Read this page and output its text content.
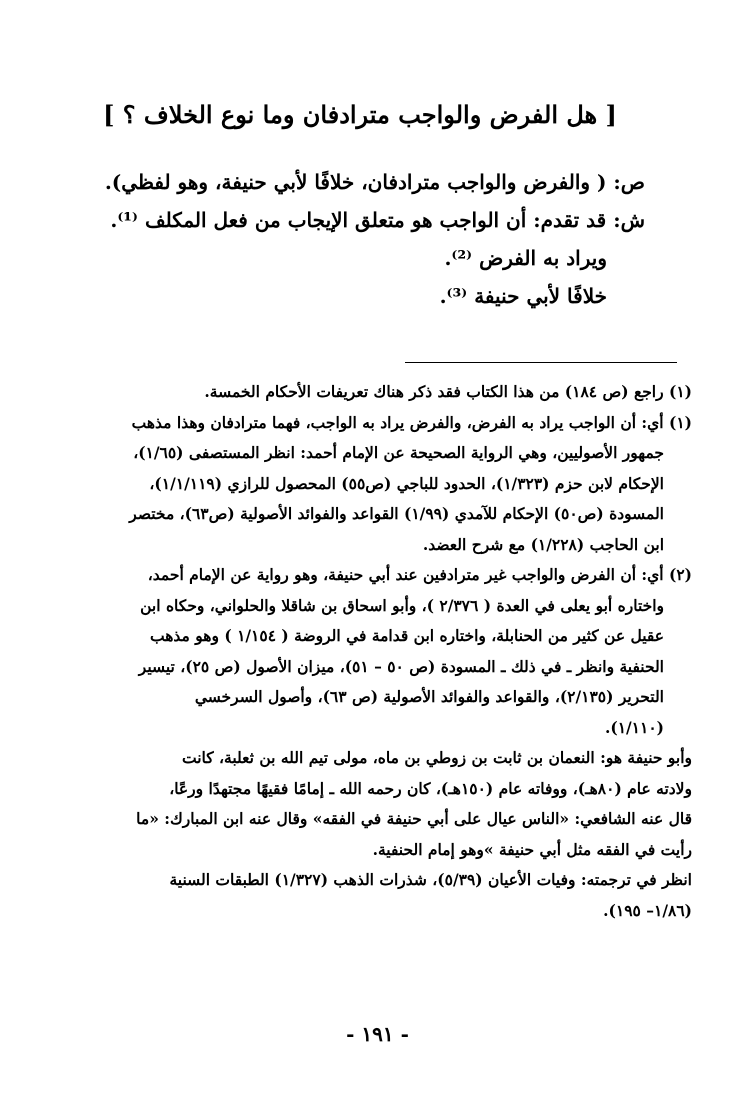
[ هل الفرض والواجب مترادفان وما نوع الخلاف ؟ ]
ص: ( والفرض والواجب مترادفان، خلافًا لأبي حنيفة، وهو لفظي).
ش: قد تقدم: أن الواجب هو متعلق الإيجاب من فعل المكلف ⁽¹⁾.
ويراد به الفرض ⁽²⁾.
خلافًا لأبي حنيفة ⁽³⁾.
(١) راجع (ص ١٨٤) من هذا الكتاب فقد ذكر هناك تعريفات الأحكام الخمسة.
(١) أي: أن الواجب يراد به الفرض، والفرض يراد به الواجب، فهما مترادفان وهذا مذهب
جمهور الأصوليين، وهي الرواية الصحيحة عن الإمام أحمد: انظر المستصفى (١/٦٥)،
الإحكام لابن حزم (١/٣٢٣)، الحدود للباجي (ص٥٥) المحصول للرازي (١/١/١١٩)،
المسودة (ص٥٠) الإحكام للآمدي (١/٩٩) القواعد والفوائد الأصولية (ص٦٣)، مختصر
ابن الحاجب (١/٢٢٨) مع شرح العضد.
(٢) أي: أن الفرض والواجب غير مترادفين عند أبي حنيفة، وهو رواية عن الإمام أحمد،
واختاره أبو يعلى في العدة ( ٢/٣٧٦ )، وأبو اسحاق بن شاقلا والحلواني، وحكاه ابن
عقيل عن كثير من الحنابلة، واختاره ابن قدامة في الروضة ( ١/١٥٤ ) وهو مذهب
الحنفية وانظر ـ في ذلك ـ المسودة (ص ٥٠ – ٥١)، ميزان الأصول (ص ٢٥)، تيسير
التحرير (٢/١٣٥)، والقواعد والفوائد الأصولية (ص ٦٣)، وأصول السرخسي
(١/١١٠).
وأبو حنيفة هو: النعمان بن ثابت بن زوطي بن ماه، مولى تيم الله بن ثعلبة، كانت
ولادته عام (٨٠هـ)، ووفاته عام (١٥٠هـ)، كان رحمه الله ـ إمامًا فقيهًا مجتهدًا ورعًا،
قال عنه الشافعي: «الناس عيال على أبي حنيفة في الفقه» وقال عنه ابن المبارك: «ما
رأيت في الفقه مثل أبي حنيفة »وهو إمام الحنفية.
انظر في ترجمته: وفيات الأعيان (٥/٣٩)، شذرات الذهب (١/٣٢٧) الطبقات السنية
(١/٨٦– ١٩٥).
- ١٩١ -
